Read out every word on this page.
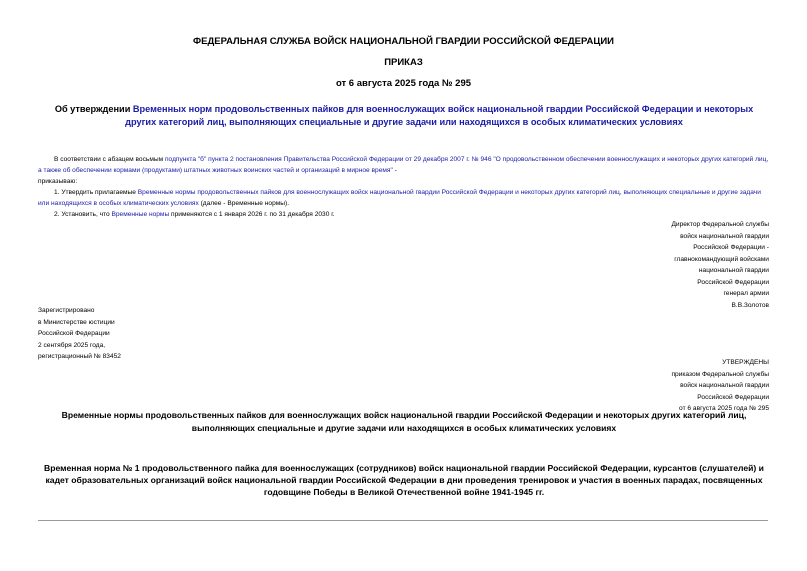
ФЕДЕРАЛЬНАЯ СЛУЖБА ВОЙСК НАЦИОНАЛЬНОЙ ГВАРДИИ РОССИЙСКОЙ ФЕДЕРАЦИИ
ПРИКАЗ
от 6 августа 2025 года № 295
Об утверждении Временных норм продовольственных пайков для военнослужащих войск национальной гвардии Российской Федерации и некоторых других категорий лиц, выполняющих специальные и другие задачи или находящихся в особых климатических условиях
В соответствии с абзацем восьмым подпункта "б" пункта 2 постановления Правительства Российской Федерации от 29 декабря 2007 г. № 946 "О продовольственном обеспечении военнослужащих и некоторых других категорий лиц, а также об обеспечении кормами (продуктами) штатных животных воинских частей и организаций в мирное время" -
приказываю:
1. Утвердить прилагаемые Временные нормы продовольственных пайков для военнослужащих войск национальной гвардии Российской Федерации и некоторых других категорий лиц, выполняющих специальные и другие задачи или находящихся в особых климатических условиях (далее - Временные нормы).
2. Установить, что Временные нормы применяются с 1 января 2026 г. по 31 декабря 2030 г.
Директор Федеральной службы
войск национальной гвардии
Российской Федерации -
главнокомандующий войсками
национальной гвардии
Российской Федерации
генерал армии
В.В.Золотов
Зарегистрировано
в Министерстве юстиции
Российской Федерации
2 сентября 2025 года,
регистрационный № 83452
УТВЕРЖДЕНЫ
приказом Федеральной службы
войск национальной гвардии
Российской Федерации
от 6 августа 2025 года № 295
Временные нормы продовольственных пайков для военнослужащих войск национальной гвардии Российской Федерации и некоторых других категорий лиц, выполняющих специальные и другие задачи или находящихся в особых климатических условиях
Временная норма № 1 продовольственного пайка для военнослужащих (сотрудников) войск национальной гвардии Российской Федерации, курсантов (слушателей) и кадет образовательных организаций войск национальной гвардии Российской Федерации в дни проведения тренировок и участия в военных парадах, посвященных годовщине Победы в Великой Отечественной войне 1941-1945 гг.
